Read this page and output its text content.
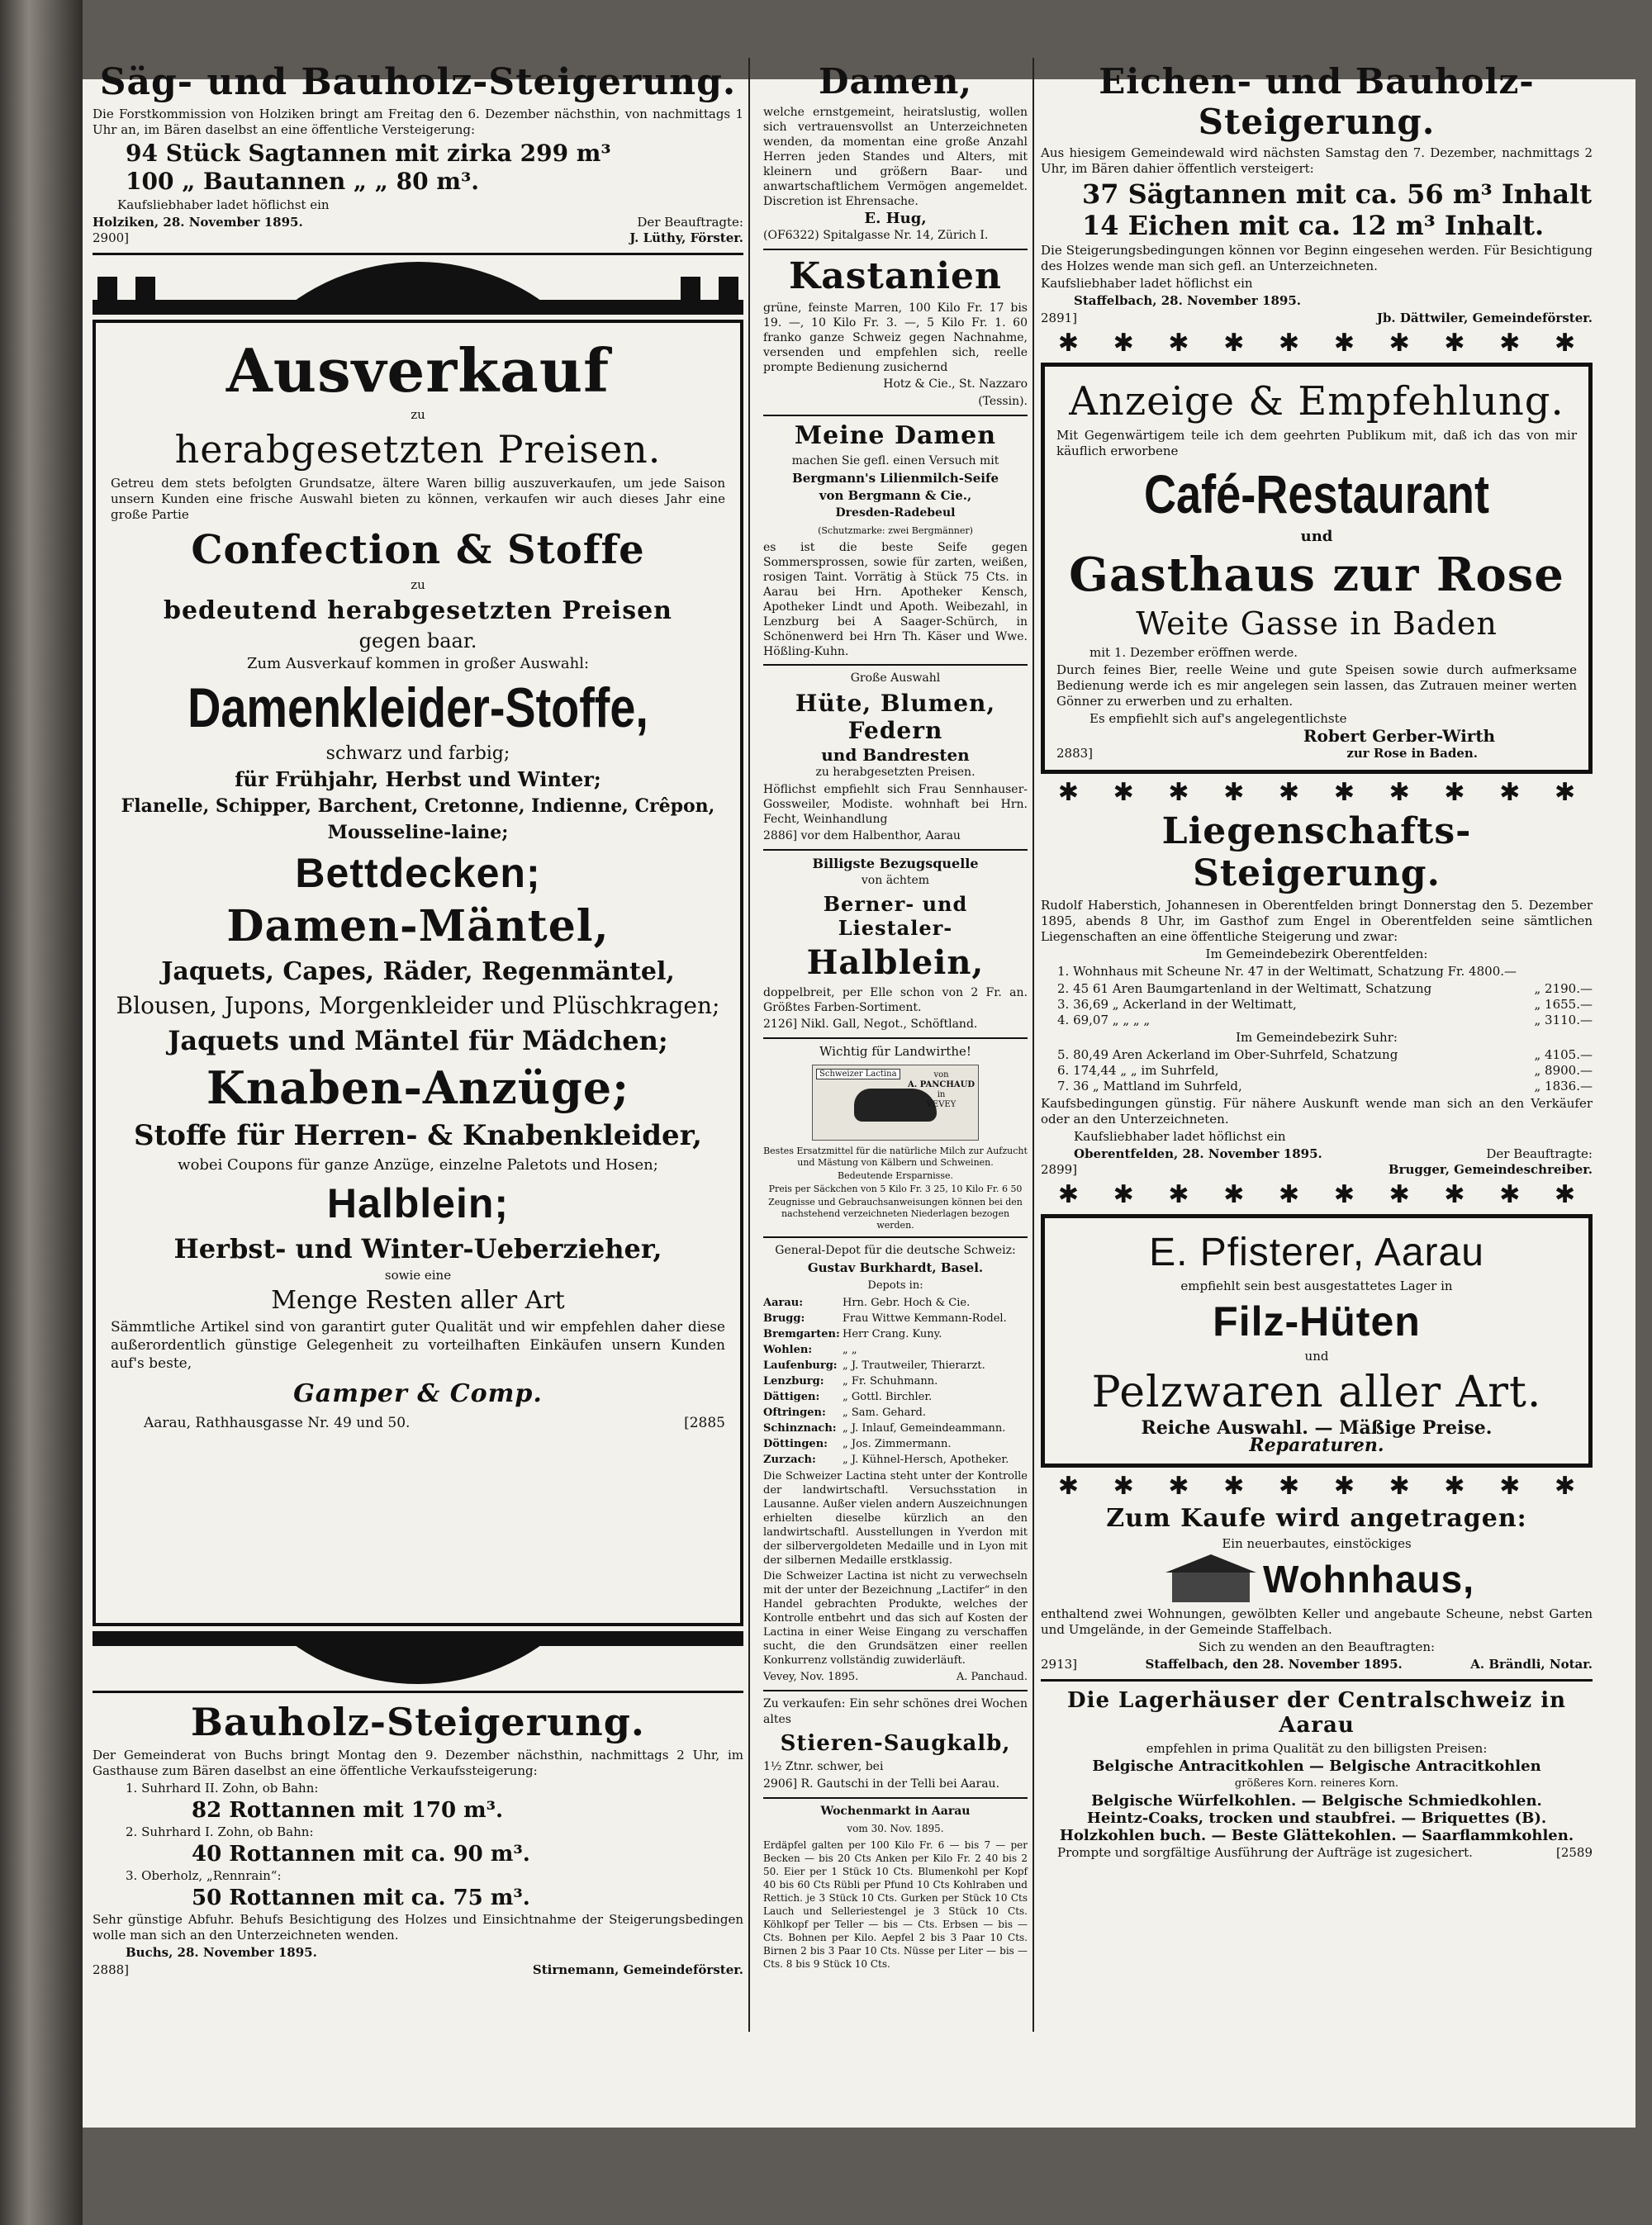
Säg- und Bauholz-Steigerung.
Die Forstkommission von Holziken bringt am Freitag den 6. Dezember nächsthin, von nachmittags 1 Uhr an, im Bären daselbst an eine öffentliche Versteigerung:
94 Stück Sagtannen mit zirka 299 m³
100 „ Bautannen „ „ 80 m³.
Kaufsliebhaber ladet höflichst ein
Holziken, 28. November 1895.	Der Beauftragte:
2900]	J. Lüthy, Förster.
Ausverkauf
zu
herabgesetzten Preisen.
Getreu dem stets befolgten Grundsatze, ältere Waren billig auszuverkaufen, um jede Saison unsern Kunden eine frische Auswahl bieten zu können, verkaufen wir auch dieses Jahr eine große Partie
Confection & Stoffe
zu
bedeutend herabgesetzten Preisen
gegen baar.
Zum Ausverkauf kommen in großer Auswahl:
Damenkleider-Stoffe,
schwarz und farbig;
für Frühjahr, Herbst und Winter;
Flanelle, Schipper, Barchent, Cretonne, Indienne, Crêpon,
Mousseline-laine;
Bettdecken;
Damen-Mäntel,
Jaquets, Capes, Räder, Regenmäntel,
Blousen, Jupons, Morgenkleider und Plüschkragen;
Jaquets und Mäntel für Mädchen;
Knaben-Anzüge;
Stoffe für Herren- & Knabenkleider,
wobei Coupons für ganze Anzüge, einzelne Paletots und Hosen;
Halblein;
Herbst- und Winter-Ueberzieher,
sowie eine
Menge Resten aller Art
Sämmtliche Artikel sind von garantirt guter Qualität und wir empfehlen daher diese außerordentlich günstige Gelegenheit zu vorteilhaften Einkäufen unsern Kunden auf's beste,
Gamper & Comp.
Aarau, Rathhausgasse Nr. 49 und 50.	[2885
Bauholz-Steigerung.
Der Gemeinderat von Buchs bringt Montag den 9. Dezember nächsthin, nachmittags 2 Uhr, im Gasthause zum Bären daselbst an eine öffentliche Verkaufssteigerung:
1. Suhrhard II. Zohn, ob Bahn:
82 Rottannen mit 170 m³.
2. Suhrhard I. Zohn, ob Bahn:
40 Rottannen mit ca. 90 m³.
3. Oberholz, „Rennrain“:
50 Rottannen mit ca. 75 m³.
Sehr günstige Abfuhr. Behufs Besichtigung des Holzes und Einsichtnahme der Steigerungsbedingen wolle man sich an den Unterzeichneten wenden.
Buchs, 28. November 1895.
2888]	Stirnemann, Gemeindeförster.
Damen,
welche ernstgemeint, heiratslustig, wollen sich vertrauensvollst an Unterzeichneten wenden, da momentan eine große Anzahl Herren jeden Standes und Alters, mit kleinern und größern Baar- und anwartschaftlichem Vermögen angemeldet. Discretion ist Ehrensache.
E. Hug,
(OF6322) Spitalgasse Nr. 14, Zürich I.
Kastanien
grüne, feinste Marren, 100 Kilo Fr. 17 bis 19. —, 10 Kilo Fr. 3. —, 5 Kilo Fr. 1. 60 franko ganze Schweiz gegen Nachnahme, versenden und empfehlen sich, reelle prompte Bedienung zusichernd
Hotz & Cie., St. Nazzaro
(Tessin).
Meine Damen
machen Sie gefl. einen Versuch mit
Bergmann's Lilienmilch-Seife
von Bergmann & Cie.,
Dresden-Radebeul
(Schutzmarke: zwei Bergmänner)
es ist die beste Seife gegen Sommersprossen, sowie für zarten, weißen, rosigen Taint. Vorrätig à Stück 75 Cts. in Aarau bei Hrn. Apotheker Kensch, Apotheker Lindt und Apoth. Weibezahl, in Lenzburg bei A Saager-Schürch, in Schönenwerd bei Hrn Th. Käser und Wwe. Hößling-Kuhn.
Große Auswahl
Hüte, Blumen, Federn
und Bandresten
zu herabgesetzten Preisen.
Höflichst empfiehlt sich Frau Sennhauser-Gossweiler, Modiste. wohnhaft bei Hrn. Fecht, Weinhandlung
2886] vor dem Halbenthor, Aarau
Billigste Bezugsquelle
von ächtem
Berner- und Liestaler-
Halblein,
doppelbreit, per Elle schon von 2 Fr. an. Größtes Farben-Sortiment.
2126] Nikl. Gall, Negot., Schöftland.
Wichtig für Landwirthe!
Schweizer Lactina	von
A. PANCHAUD
in
VEVEY
Bestes Ersatzmittel für die natürliche Milch zur Aufzucht und Mästung von Kälbern und Schweinen.
Bedeutende Ersparnisse.
Preis per Säckchen von 5 Kilo Fr. 3 25, 10 Kilo Fr. 6 50
Zeugnisse und Gebrauchsanweisungen können bei den nachstehend verzeichneten Niederlagen bezogen werden.
General-Depot für die deutsche Schweiz:
Gustav Burkhardt, Basel.
Depots in:
Aarau:	Hrn. Gebr. Hoch & Cie.
Brugg:	Frau Wittwe Kemmann-Rodel.
Bremgarten: Herr Crang. Kuny.
Wohlen:	„ „
Laufenburg: „ J. Trautweiler, Thierarzt.
Lenzburg:	„ Fr. Schuhmann.
Dättigen:	„ Gottl. Birchler.
Oftringen:	„ Sam. Gehard.
Schinznach: „ J. Inlauf, Gemeindeammann.
Döttingen:	„ Jos. Zimmermann.
Zurzach:	„ J. Kühnel-Hersch, Apotheker.
Die Schweizer Lactina steht unter der Kontrolle der landwirtschaftl. Versuchsstation in Lausanne. Außer vielen andern Auszeichnungen erhielten dieselbe kürzlich an den landwirtschaftl. Ausstellungen in Yverdon mit der silbervergoldeten Medaille und in Lyon mit der silbernen Medaille erstklassig.
Die Schweizer Lactina ist nicht zu verwechseln mit der unter der Bezeichnung „Lactifer“ in den Handel gebrachten Produkte, welches der Kontrolle entbehrt und das sich auf Kosten der Lactina in einer Weise Eingang zu verschaffen sucht, die den Grundsätzen einer reellen Konkurrenz vollständig zuwiderläuft.
Vevey, Nov. 1895.	A. Panchaud.
Zu verkaufen: Ein sehr schönes drei Wochen altes
Stieren-Saugkalb,
1½ Ztnr. schwer, bei
2906] R. Gautschi in der Telli bei Aarau.
Wochenmarkt in Aarau
vom 30. Nov. 1895.
Erdäpfel galten per 100 Kilo Fr. 6 — bis 7 — per Becken — bis 20 Cts Anken per Kilo Fr. 2 40 bis 2 50. Eier per 1 Stück 10 Cts. Blumenkohl per Kopf 40 bis 60 Cts Rübli per Pfund 10 Cts Kohlraben und Rettich. je 3 Stück 10 Cts. Gurken per Stück 10 Cts Lauch und Selleriestengel je 3 Stück 10 Cts. Köhlkopf per Teller — bis — Cts. Erbsen — bis — Cts. Bohnen per Kilo. Aepfel 2 bis 3 Paar 10 Cts. Birnen 2 bis 3 Paar 10 Cts. Nüsse per Liter — bis — Cts. 8 bis 9 Stück 10 Cts.
Eichen- und Bauholz-Steigerung.
Aus hiesigem Gemeindewald wird nächsten Samstag den 7. Dezember, nachmittags 2 Uhr, im Bären dahier öffentlich versteigert:
37 Sägtannen mit ca. 56 m³ Inhalt
14 Eichen mit ca. 12 m³ Inhalt.
Die Steigerungsbedingungen können vor Beginn eingesehen werden. Für Besichtigung des Holzes wende man sich gefl. an Unterzeichneten.
Kaufsliebhaber ladet höflichst ein
Staffelbach, 28. November 1895.
2891]	Jb. Dättwiler, Gemeindeförster.
✱ ✱ ✱ ✱ ✱ ✱ ✱ ✱ ✱ ✱
Anzeige & Empfehlung.
Mit Gegenwärtigem teile ich dem geehrten Publikum mit, daß ich das von mir käuflich erworbene
Café-Restaurant
und
Gasthaus zur Rose
Weite Gasse in Baden
mit 1. Dezember eröffnen werde.
Durch feines Bier, reelle Weine und gute Speisen sowie durch aufmerksame Bedienung werde ich es mir angelegen sein lassen, das Zutrauen meiner werten Gönner zu erwerben und zu erhalten.
Es empfiehlt sich auf's angelegentlichste
Robert Gerber-Wirth
2883]	zur Rose in Baden.
✱ ✱ ✱ ✱ ✱ ✱ ✱ ✱ ✱ ✱
Liegenschafts-Steigerung.
Rudolf Haberstich, Johannesen in Oberentfelden bringt Donnerstag den 5. Dezember 1895, abends 8 Uhr, im Gasthof zum Engel in Oberentfelden seine sämtlichen Liegenschaften an eine öffentliche Steigerung und zwar:
Im Gemeindebezirk Oberentfelden:
1. Wohnhaus mit Scheune Nr. 47 in der Weltimatt, Schatzung Fr. 4800.—
2. 45 61 Aren Baumgartenland in der Weltimatt, Schatzung	„ 2190.—
3. 36,69 „ Ackerland in der Weltimatt,	„ 1655.—
4. 69,07 „ „ „ „	„ 3110.—
Im Gemeindebezirk Suhr:
5. 80,49 Aren Ackerland im Ober-Suhrfeld, Schatzung	„ 4105.—
6. 174,44 „ „ im Suhrfeld,	„ 8900.—
7. 36 „ Mattland im Suhrfeld,	„ 1836.—
Kaufsbedingungen günstig. Für nähere Auskunft wende man sich an den Verkäufer oder an den Unterzeichneten.
Kaufsliebhaber ladet höflichst ein
Oberentfelden, 28. November 1895.	Der Beauftragte:
2899]	Brugger, Gemeindeschreiber.
✱ ✱ ✱ ✱ ✱ ✱ ✱ ✱ ✱ ✱
E. Pfisterer, Aarau
empfiehlt sein best ausgestattetes Lager in
Filz-Hüten
und
Pelzwaren aller Art.
Reiche Auswahl. — Mäßige Preise.
Reparaturen.
✱ ✱ ✱ ✱ ✱ ✱ ✱ ✱ ✱ ✱
Zum Kaufe wird angetragen:
Ein neuerbautes, einstöckiges
Wohnhaus,
enthaltend zwei Wohnungen, gewölbten Keller und angebaute Scheune, nebst Garten und Umgelände, in der Gemeinde Staffelbach.
Sich zu wenden an den Beauftragten:
2913]	Staffelbach, den 28. November 1895.	A. Brändli, Notar.
Die Lagerhäuser der Centralschweiz in Aarau
empfehlen in prima Qualität zu den billigsten Preisen:
Belgische Antracitkohlen — Belgische Antracitkohlen
größeres Korn. reineres Korn.
Belgische Würfelkohlen. — Belgische Schmiedkohlen.
Heintz-Coaks, trocken und staubfrei. — Briquettes (B).
Holzkohlen buch. — Beste Glättekohlen. — Saarflammkohlen.
Prompte und sorgfältige Ausführung der Aufträge ist zugesichert.	[2589
